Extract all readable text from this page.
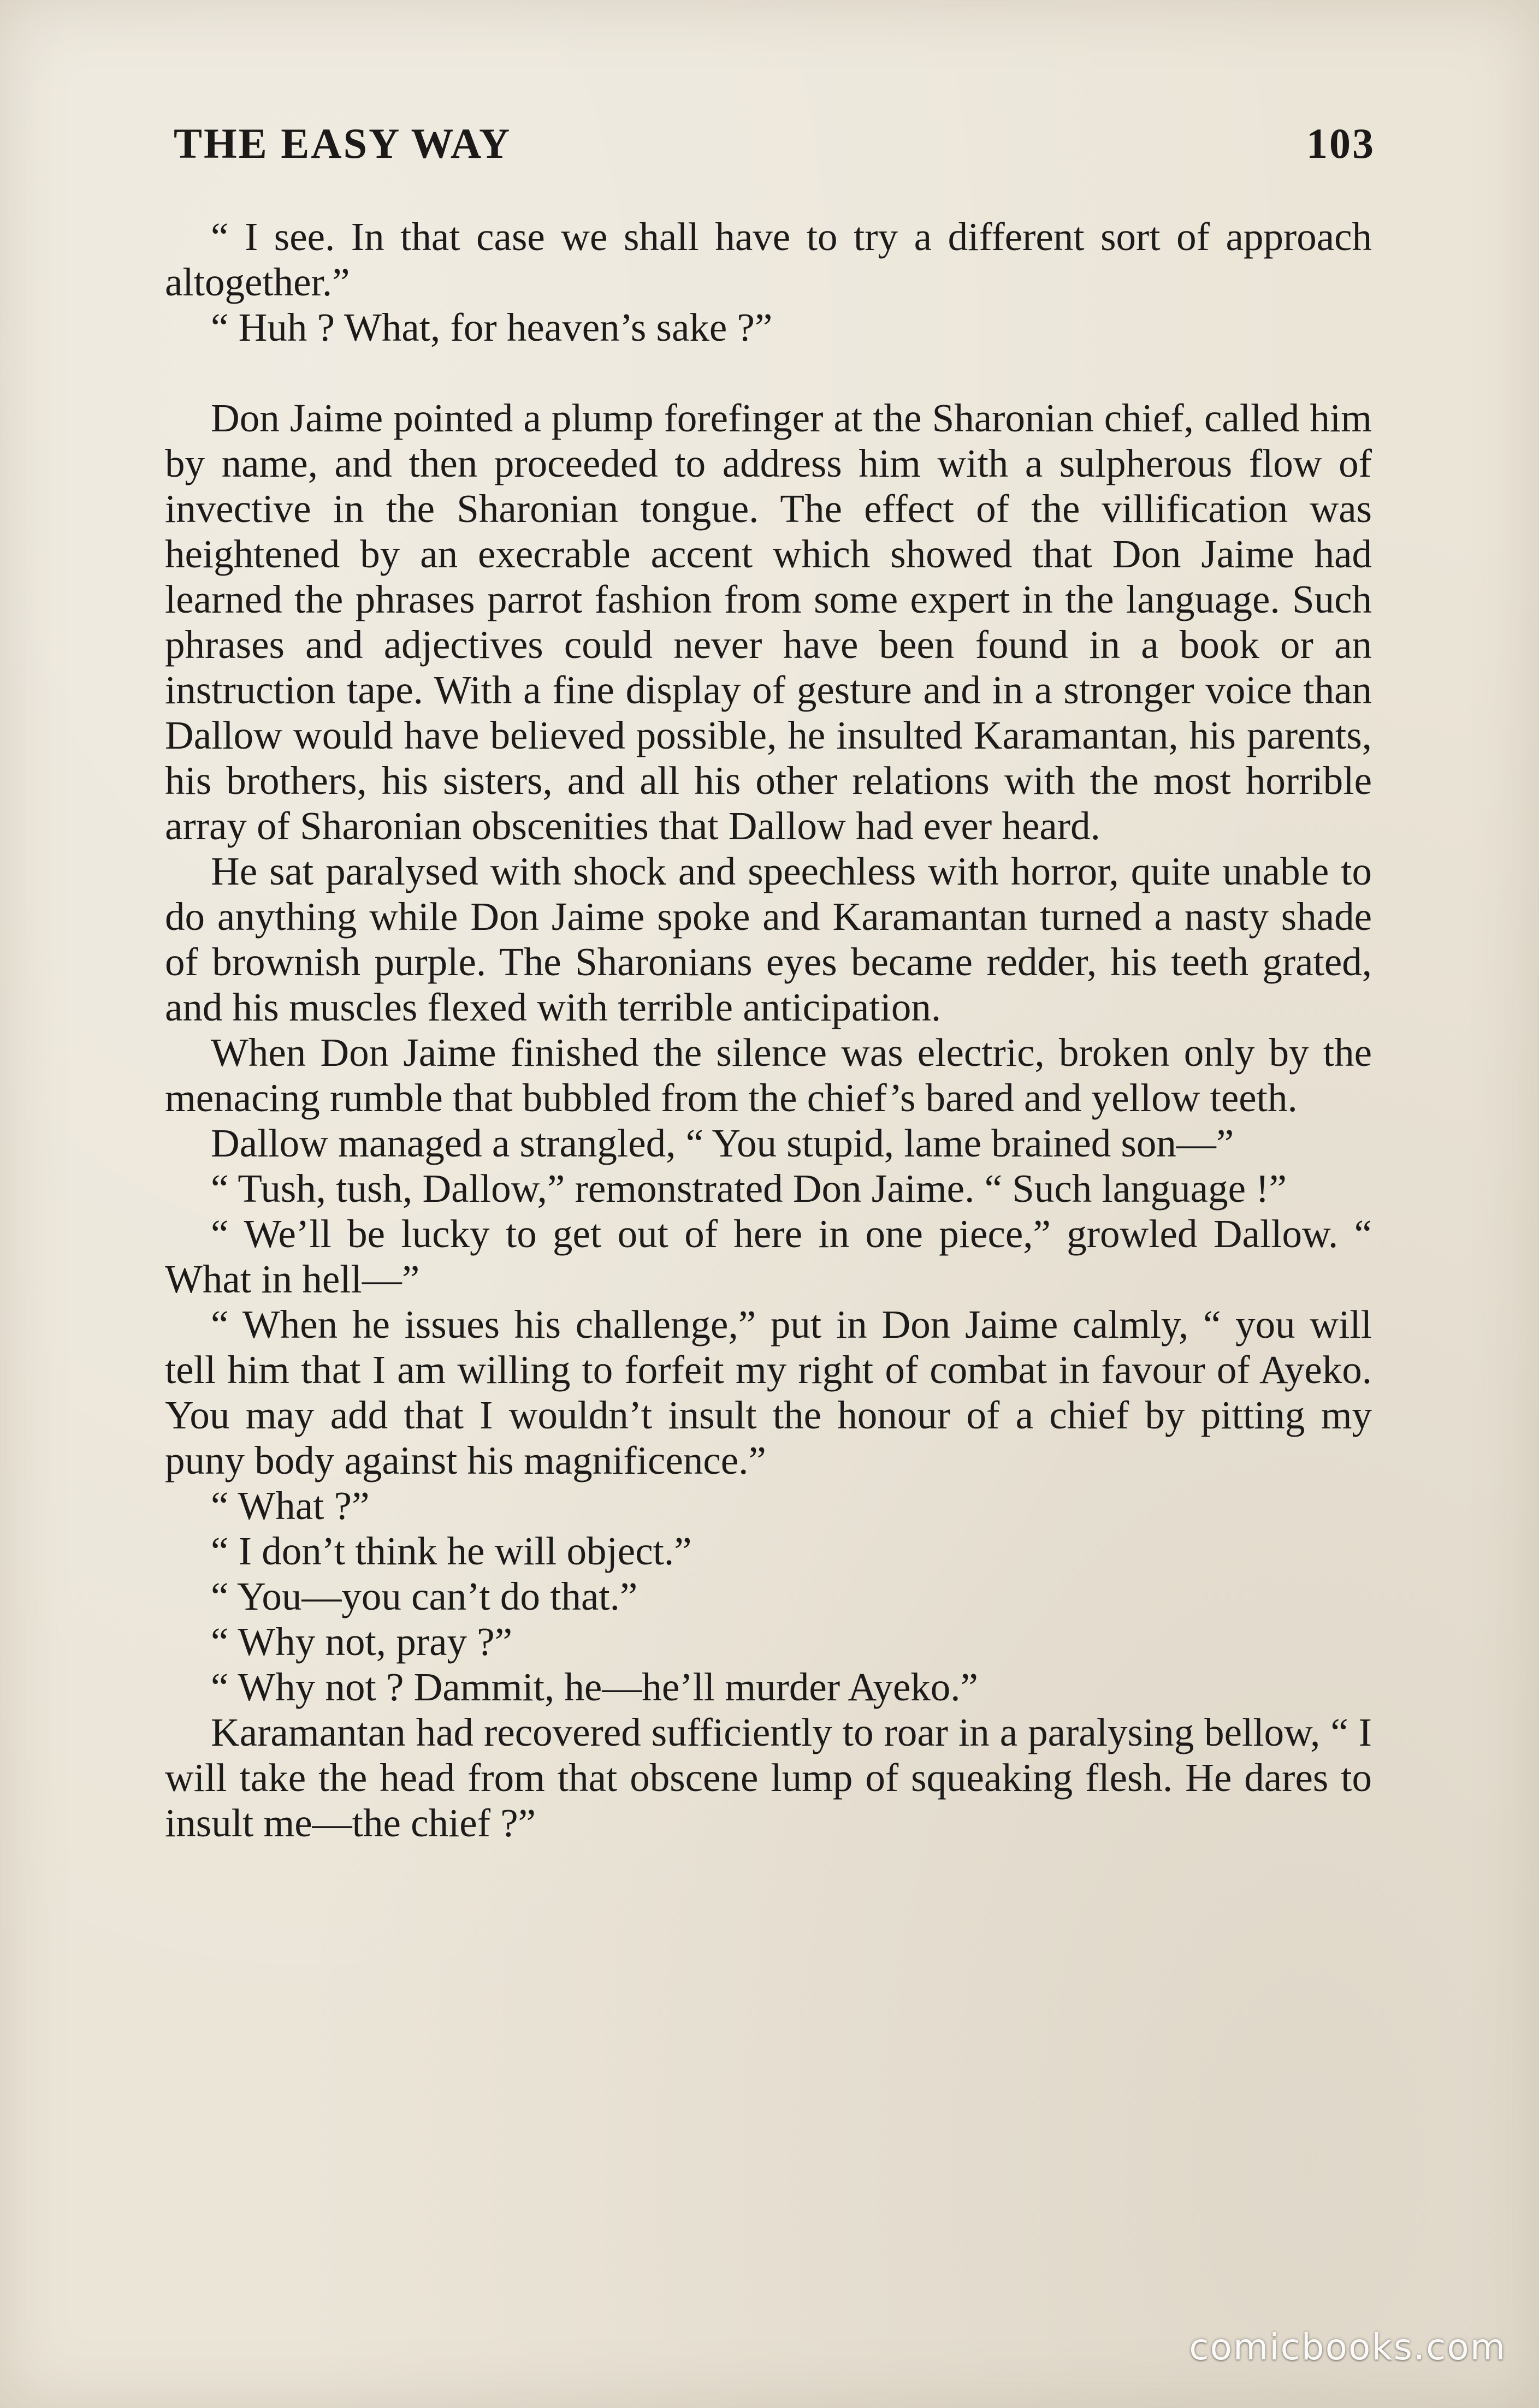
THE EASY WAY	103

“ I see. In that case we shall have to try a different sort of approach altogether.”

“ Huh ? What, for heaven’s sake ?”

Don Jaime pointed a plump forefinger at the Sharonian chief, called him by name, and then proceeded to address him with a sulpherous flow of invective in the Sharonian tongue. The effect of the villification was heightened by an execrable accent which showed that Don Jaime had learned the phrases parrot fashion from some expert in the language. Such phrases and adjectives could never have been found in a book or an instruction tape. With a fine display of gesture and in a stronger voice than Dallow would have believed possible, he insulted Karamantan, his parents, his brothers, his sisters, and all his other relations with the most horrible array of Sharonian obscenities that Dallow had ever heard.

He sat paralysed with shock and speechless with horror, quite unable to do anything while Don Jaime spoke and Karamantan turned a nasty shade of brownish purple. The Sharonians eyes became redder, his teeth grated, and his muscles flexed with terrible anticipation.

When Don Jaime finished the silence was electric, broken only by the menacing rumble that bubbled from the chief’s bared and yellow teeth.

Dallow managed a strangled, “ You stupid, lame brained son—”

“ Tush, tush, Dallow,” remonstrated Don Jaime. “ Such language !”

“ We’ll be lucky to get out of here in one piece,” growled Dallow. “ What in hell—”

“ When he issues his challenge,” put in Don Jaime calmly, “ you will tell him that I am willing to forfeit my right of combat in favour of Ayeko. You may add that I wouldn’t insult the honour of a chief by pitting my puny body against his magnificence.”

“ What ?”

“ I don’t think he will object.”

“ You—you can’t do that.”

“ Why not, pray ?”

“ Why not ? Dammit, he—he’ll murder Ayeko.”

Karamantan had recovered sufficiently to roar in a paralysing bellow, “ I will take the head from that obscene lump of squeaking flesh. He dares to insult me—the chief ?”

comicbooks.com
